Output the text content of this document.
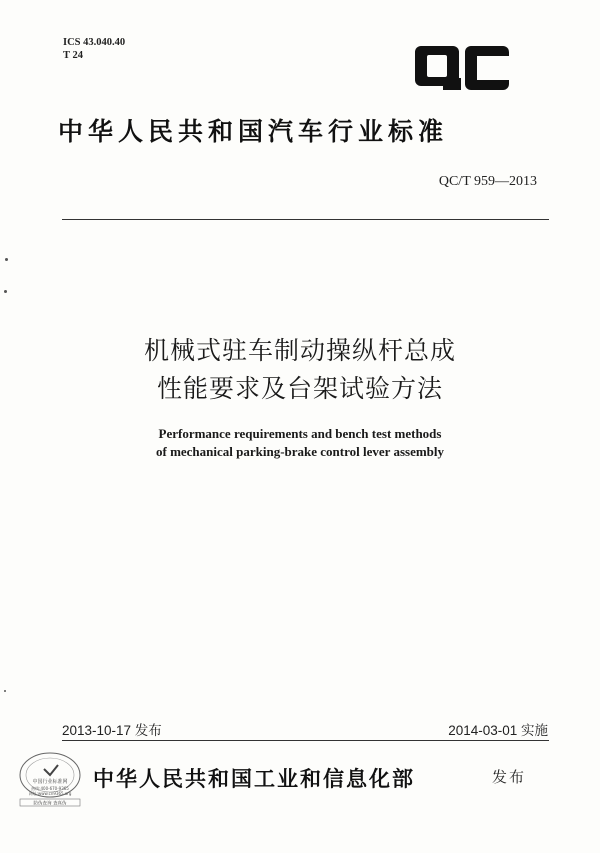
ICS 43.040.40
T 24
中华人民共和国汽车行业标准
QC/T 959—2013
机械式驻车制动操纵杆总成
性能要求及台架试验方法
Performance requirements and bench test methods
of mechanical parking-brake control lever assembly
2013-10-17 发布	2014-03-01 实施
中国行业标准网
热线:400-670-9365
网址:www.cn9365.org
防伪查询 查真伪
中华人民共和国工业和信息化部	发布
